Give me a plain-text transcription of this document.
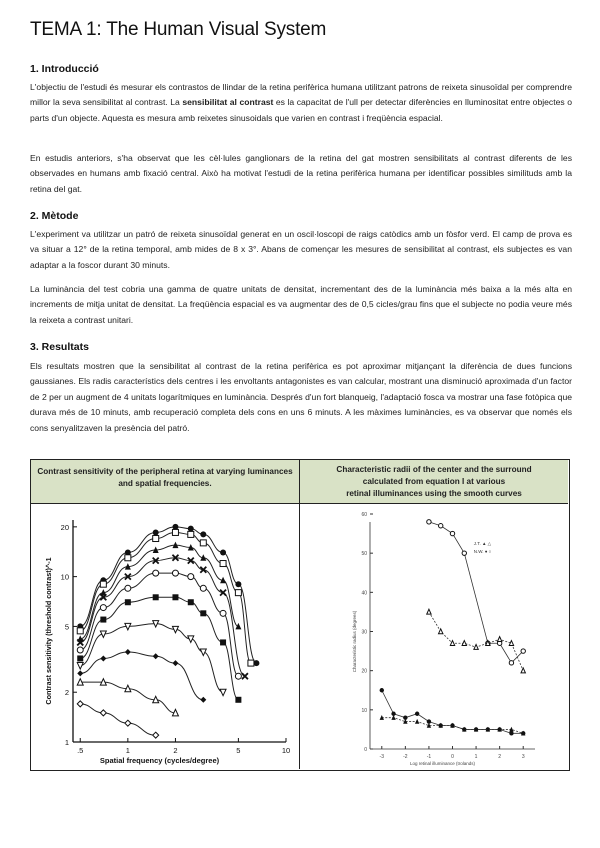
TEMA 1: The Human Visual System
1. Introducció

L'objectiu de l'estudi és mesurar els contrastos de llindar de la retina perifèrica humana utilitzant patrons de reixeta sinusoïdal per comprendre millor la seva sensibilitat al contrast. La sensibilitat al contrast es la capacitat de l'ull per detectar diferències en lluminositat entre objectes o parts d'un objecte. Aquesta es mesura amb reixetes sinusoidals que varien en contrast i freqüència espacial.

En estudis anteriors, s'ha observat que les cèl·lules ganglionars de la retina del gat mostren sensibilitats al contrast diferents de les observades en humans amb fixació central. Això ha motivat l'estudi de la retina perifèrica humana per identificar possibles similituds amb la retina del gat.

2. Mètode

L'experiment va utilitzar un patró de reixeta sinusoïdal generat en un oscil·loscopi de raigs catòdics amb un fòsfor verd. El camp de prova es va situar a 12° de la retina temporal, amb mides de 8 x 3°. Abans de començar les mesures de sensibilitat al contrast, els subjectes es van adaptar a la foscor durant 30 minuts.

La luminància del test cobria una gamma de quatre unitats de densitat, incrementant des de la luminància més baixa a la més alta en increments de mitja unitat de densitat. La freqüència espacial es va augmentar des de 0,5 cicles/grau fins que el subjecte no podia veure més la reixeta a contrast unitari.

3. Resultats

Els resultats mostren que la sensibilitat al contrast de la retina perifèrica es pot aproximar mitjançant la diferència de dues funcions gaussianes. Els radis característics dels centres i les envoltants antagonistes es van calcular, mostrant una disminució aproximada d'un factor de 2 per un augment de 4 unitats logarítmiques en luminància. Després d'un fort blanqueig, l'adaptació fosca va mostrar una fase fotòpica que durava més de 10 minuts, amb recuperació completa dels cons en uns 6 minuts. A les màximes luminàncies, es va observar que només els cons senyalitzaven la presència del patró.

Contrast sensitivity of the peripheral retina at varying luminances and spatial frequencies.
Characteristic radii of the center and the surround
calculated from equation I at various
retinal illuminances using the smooth curves
.5	1	2	5	10
1
2
5
10
20
Spatial frequency (cycles/degree)
Contrast sensitivity (threshold contrast)^-1
-3	-2	-1	0	1	2	3
0
10
20
30
40
50
60
Log retinal illuminance (trolands)
Characteristic radius (degrees)
N.W. ● ○
J.T. ▲ △
